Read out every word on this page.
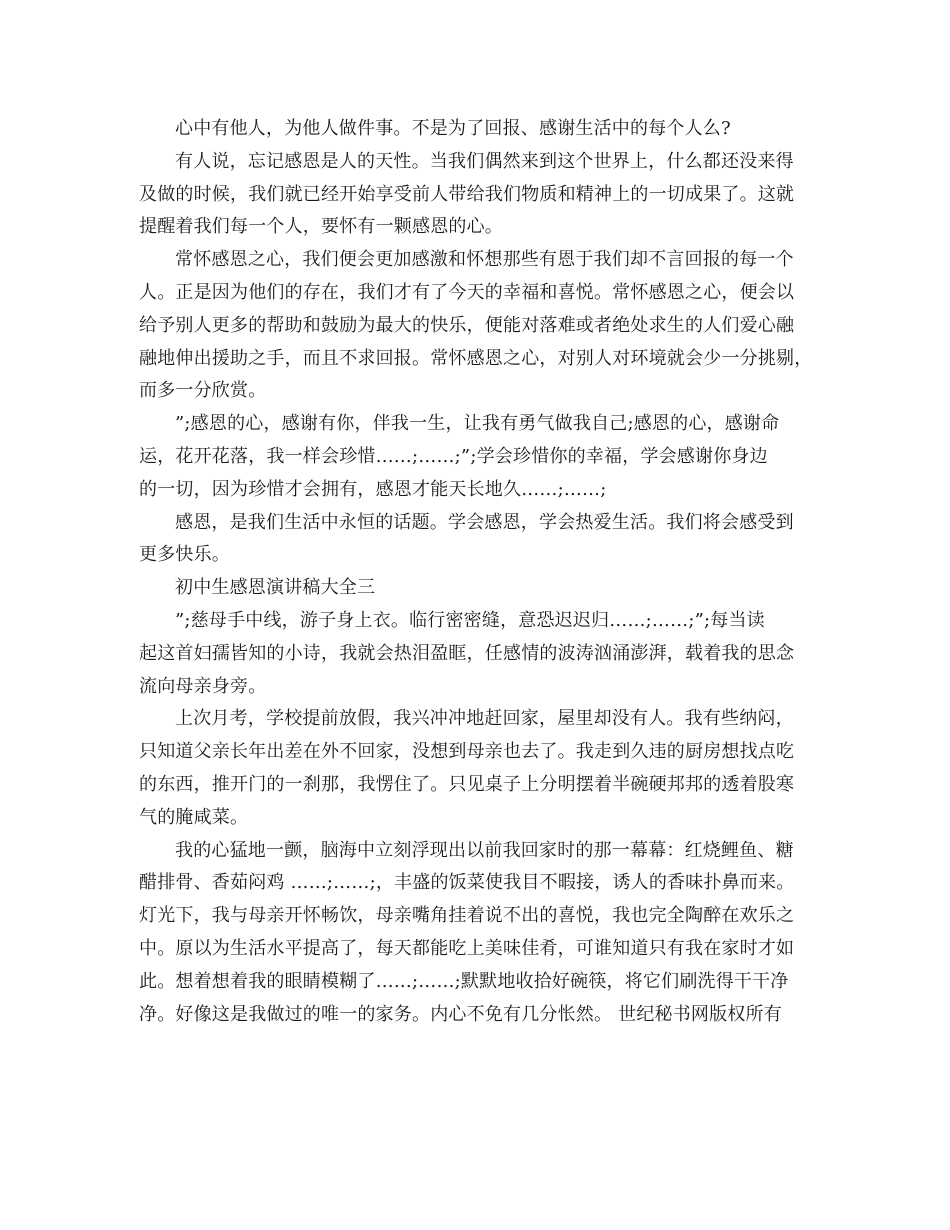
心中有他人，为他人做件事。不是为了回报、感谢生活中的每个人么?
有人说，忘记感恩是人的天性。当我们偶然来到这个世界上，什么都还没来得
及做的时候，我们就已经开始享受前人带给我们物质和精神上的一切成果了。这就
提醒着我们每一个人，要怀有一颗感恩的心。
常怀感恩之心，我们便会更加感激和怀想那些有恩于我们却不言回报的每一个
人。正是因为他们的存在，我们才有了今天的幸福和喜悦。常怀感恩之心，便会以
给予别人更多的帮助和鼓励为最大的快乐，便能对落难或者绝处求生的人们爱心融
融地伸出援助之手，而且不求回报。常怀感恩之心，对别人对环境就会少一分挑剔，
而多一分欣赏。
”;感恩的心，感谢有你，伴我一生，让我有勇气做我自己;感恩的心，感谢命
运，花开花落，我一样会珍惜……;……;”;学会珍惜你的幸福，学会感谢你身边
的一切，因为珍惜才会拥有，感恩才能天长地久……;……;
感恩，是我们生活中永恒的话题。学会感恩，学会热爱生活。我们将会感受到
更多快乐。
初中生感恩演讲稿大全三
”;慈母手中线，游子身上衣。临行密密缝，意恐迟迟归……;……;”;每当读
起这首妇孺皆知的小诗，我就会热泪盈眶，任感情的波涛汹涌澎湃，载着我的思念
流向母亲身旁。
上次月考，学校提前放假，我兴冲冲地赶回家，屋里却没有人。我有些纳闷，
只知道父亲长年出差在外不回家，没想到母亲也去了。我走到久违的厨房想找点吃
的东西，推开门的一刹那，我愣住了。只见桌子上分明摆着半碗硬邦邦的透着股寒
气的腌咸菜。
我的心猛地一颤，脑海中立刻浮现出以前我回家时的那一幕幕：红烧鲤鱼、糖
醋排骨、香茹闷鸡 ……;……;，丰盛的饭菜使我目不暇接，诱人的香味扑鼻而来。
灯光下，我与母亲开怀畅饮，母亲嘴角挂着说不出的喜悦，我也完全陶醉在欢乐之
中。原以为生活水平提高了，每天都能吃上美味佳肴，可谁知道只有我在家时才如
此。想着想着我的眼睛模糊了……;……;默默地收拾好碗筷，将它们刷洗得干干净
净。好像这是我做过的唯一的家务。内心不免有几分怅然。 世纪秘书网版权所有
